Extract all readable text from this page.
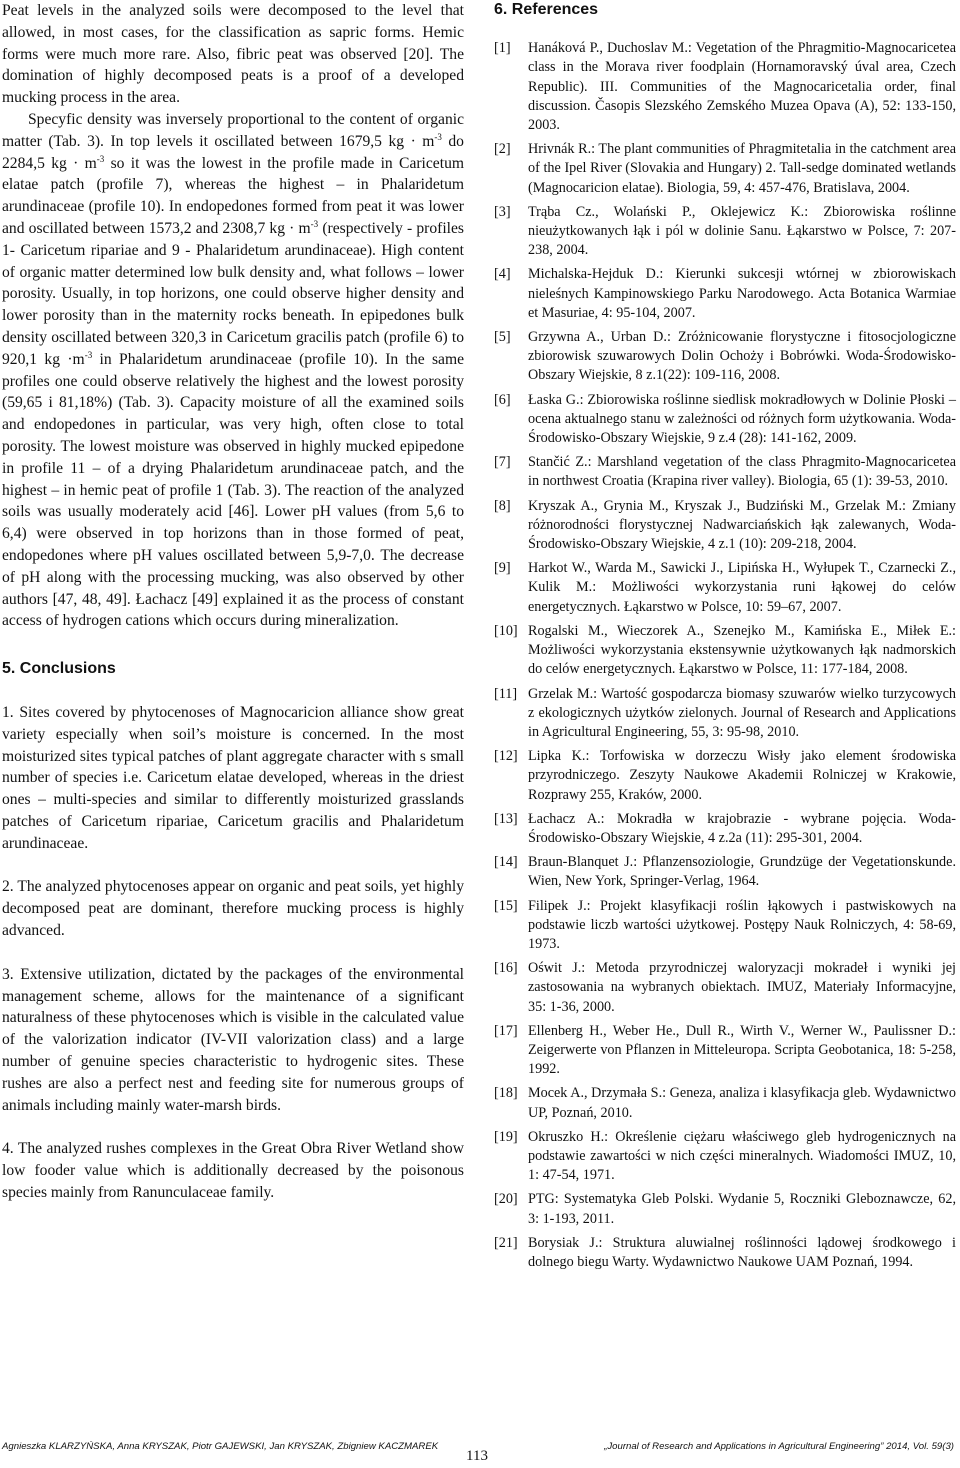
Peat levels in the analyzed soils were decomposed to the level that allowed, in most cases, for the classification as sapric forms. Hemic forms were much more rare. Also, fibric peat was observed [20]. The domination of highly decomposed peats is a proof of a developed mucking process in the area.

Specyfic density was inversely proportional to the content of organic matter (Tab. 3). In top levels it oscillated between 1679,5 kg · $m^{-3}$ do 2284,5 kg · $m^{-3}$ so it was the lowest in the profile made in Caricetum elatae patch (profile 7), whereas the highest – in Phalaridetum arundinaceae (profile 10). In endopedones formed from peat it was lower and oscillated between 1573,2 and 2308,7 kg · $m^{-3}$ (respectively - profiles 1- Caricetum ripariae and 9 - Phalaridetum arundinaceae). High content of organic matter determined low bulk density and, what follows – lower porosity. Usually, in top horizons, one could observe higher density and lower porosity than in the maternity rocks beneath. In epipedones bulk density oscillated between 320,3 in Caricetum gracilis patch (profile 6) to 920,1 kg $\cdot m^{-3}$ in Phalaridetum arundinaceae (profile 10). In the same profiles one could observe relatively the highest and the lowest porosity (59,65 i 81,18%) (Tab. 3). Capacity moisture of all the examined soils and endopedones in particular, was very high, often close to total porosity. The lowest moisture was observed in highly mucked epipedone in profile 11 – of a drying Phalaridetum arundinaceae patch, and the highest – in hemic peat of profile 1 (Tab. 3). The reaction of the analyzed soils was usually moderately acid [46]. Lower pH values (from 5,6 to 6,4) were observed in top horizons than in those formed of peat, endopedones where pH values oscillated between 5,9-7,0. The decrease of pH along with the processing mucking, was also observed by other authors [47, 48, 49]. Łachacz [49] explained it as the process of constant access of hydrogen cations which occurs during mineralization.

5. Conclusions

1. Sites covered by phytocenoses of Magnocaricion alliance show great variety especially when soil’s moisture is concerned. In the most moisturized sites typical patches of plant aggregate character with s small number of species i.e. Caricetum elatae developed, whereas in the driest ones – multi-species and similar to differently moisturized grasslands patches of Caricetum ripariae, Caricetum gracilis and Phalaridetum arundinaceae.

2. The analyzed phytocenoses appear on organic and peat soils, yet highly decomposed peat are dominant, therefore mucking process is highly advanced.

3. Extensive utilization, dictated by the packages of the environmental management scheme, allows for the maintenance of a significant naturalness of these phytocenoses which is visible in the calculated value of the valorization indicator (IV-VII valorization class) and a large number of genuine species characteristic to hydrogenic sites. These rushes are also a perfect nest and feeding site for numerous groups of animals including mainly water-marsh birds.

4. The analyzed rushes complexes in the Great Obra River Wetland show low fooder value which is additionally decreased by the poisonous species mainly from Ranunculaceae family.

6. References
[1]	Hanáková P., Duchoslav M.: Vegetation of the Phragmitio-Magnocaricetea class in the Morava river foodplain (Hornamoravský úval area, Czech Republic). III. Communities of the Magnocaricetalia order, final discussion. Časopis Slezského Zemského Muzea Opava (A), 52: 133-150, 2003.
[2]	Hrivnák R.: The plant communities of Phragmitetalia in the catchment area of the Ipel River (Slovakia and Hungary) 2. Tall-sedge dominated wetlands (Magnocaricion elatae). Biologia, 59, 4: 457-476, Bratislava, 2004.
[3]	Trąba Cz., Wolański P., Oklejewicz K.: Zbiorowiska roślinne nieużytkowanych łąk i pól w dolinie Sanu. Łąkarstwo w Polsce, 7: 207-238, 2004.
[4]	Michalska-Hejduk D.: Kierunki sukcesji wtórnej w zbiorowiskach nieleśnych Kampinowskiego Parku Narodowego. Acta Botanica Warmiae et Masuriae, 4: 95-104, 2007.
[5]	Grzywna A., Urban D.: Zróżnicowanie florystyczne i fitosocjologiczne zbiorowisk szuwarowych Dolin Ochoży i Bobrówki. Woda-Środowisko-Obszary Wiejskie, 8 z.1(22): 109-116, 2008.
[6]	Łaska G.: Zbiorowiska roślinne siedlisk mokradłowych w Dolinie Płoski – ocena aktualnego stanu w zależności od różnych form użytkowania. Woda-Środowisko-Obszary Wiejskie, 9 z.4 (28): 141-162, 2009.
[7]	Stančić Z.: Marshland vegetation of the class Phragmito-Magnocaricetea in northwest Croatia (Krapina river valley). Biologia, 65 (1): 39-53, 2010.
[8]	Kryszak A., Grynia M., Kryszak J., Budziński M., Grzelak M.: Zmiany różnorodności florystycznej Nadwarciańskich łąk zalewanych, Woda-Środowisko-Obszary Wiejskie, 4 z.1 (10): 209-218, 2004.
[9]	Harkot W., Warda M., Sawicki J., Lipińska H., Wyłupek T., Czarnecki Z., Kulik M.: Możliwości wykorzystania runi łąkowej do celów energetycznych. Łąkarstwo w Polsce, 10: 59–67, 2007.
[10] Rogalski M., Wieczorek A., Szenejko M., Kamińska E., Miłek E.: Możliwości wykorzystania ekstensywnie użytkowanych łąk nadmorskich do celów energetycznych. Łąkarstwo w Polsce, 11: 177-184, 2008.
[11] Grzelak M.: Wartość gospodarcza biomasy szuwarów wielko turzycowych z ekologicznych użytków zielonych. Journal of Research and Applications in Agricultural Engineering, 55, 3: 95-98, 2010.
[12] Lipka K.: Torfowiska w dorzeczu Wisły jako element środowiska przyrodniczego. Zeszyty Naukowe Akademii Rolniczej w Krakowie, Rozprawy 255, Kraków, 2000.
[13] Łachacz A.: Mokradła w krajobrazie - wybrane pojęcia. Woda-Środowisko-Obszary Wiejskie, 4 z.2a (11): 295-301, 2004.
[14] Braun-Blanquet J.: Pflanzensoziologie, Grundzüge der Vegetationskunde. Wien, New York, Springer-Verlag, 1964.
[15] Filipek J.: Projekt klasyfikacji roślin łąkowych i pastwiskowych na podstawie liczb wartości użytkowej. Postępy Nauk Rolniczych, 4: 58-69, 1973.
[16] Oświt J.: Metoda przyrodniczej waloryzacji mokradeł i wyniki jej zastosowania na wybranych obiektach. IMUZ, Materiały Informacyjne, 35: 1-36, 2000.
[17] Ellenberg H., Weber He., Dull R., Wirth V., Werner W., Paulissner D.: Zeigerwerte von Pflanzen in Mitteleuropa. Scripta Geobotanica, 18: 5-258, 1992.
[18] Mocek A., Drzymała S.: Geneza, analiza i klasyfikacja gleb. Wydawnictwo UP, Poznań, 2010.
[19] Okruszko H.: Określenie ciężaru właściwego gleb hydrogenicznych na podstawie zawartości w nich części mineralnych. Wiadomości IMUZ, 10, 1: 47-54, 1971.
[20] PTG: Systematyka Gleb Polski. Wydanie 5, Roczniki Gleboznawcze, 62, 3: 1-193, 2011.
[21] Borysiak J.: Struktura aluwialnej roślinności lądowej środkowego i dolnego biegu Warty. Wydawnictwo Naukowe UAM Poznań, 1994.
Agnieszka KLARZYŃSKA, Anna KRYSZAK, Piotr GAJEWSKI, Jan KRYSZAK, Zbigniew KACZMAREK
113
„Journal of Research and Applications in Agricultural Engineering” 2014, Vol. 59(3)
